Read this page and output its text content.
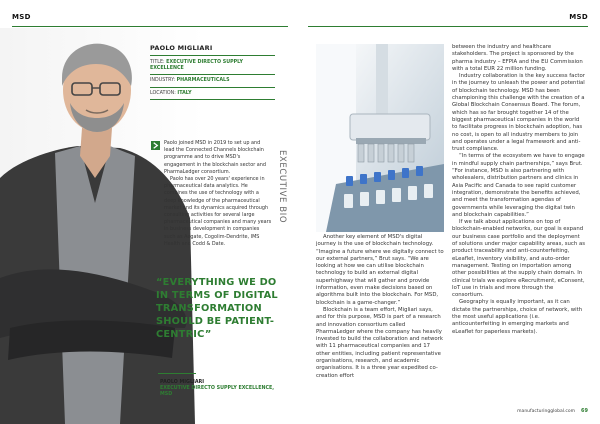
MSD	MSD
PAOLO MIGLIARI
TITLE: EXECUTIVE DIRECTO SUPPLY EXCELLENCE
INDUSTRY: PHARMACEUTICALS
LOCATION: ITALY

Paolo joined MSD in 2019 to set up and lead the Connected Channels blockchain programme and to drive MSD's engagement in the blockchain sector and PharmaLedger consortium.

Paolo has over 20 years' experience in pharmaceutical data analytics. He combines the use of technology with a deep knowledge of the pharmaceutical market and its dynamics acquired through consulting activities for several large pharmaceutical companies and many years in business development in companies such as Aegate, Cogolim-Dendrite, IMS Health and Codd & Date.

EXECUTIVE BIO
“EVERYTHING WE DO IN TERMS OF DIGITAL TRANSFORMATION SHOULD BE PATIENT-CENTRIC”
PAOLO MIGLIARI
EXECUTIVE DIRECTO SUPPLY EXCELLENCE, MSD

Another key element of MSD's digital journey is the use of blockchain technology. “Imagine a future where we digitally connect to our external partners,” Brut says. “We are looking at how we can utilise blockchain technology to build an external digital superhighway that will gather and provide information, even make decisions based on algorithms built into the blockchain. For MSD, blockchain is a game-changer.”

Blockchain is a team effort, Migliari says, and for this purpose, MSD is part of a research and innovation consortium called PharmaLedger where the company has heavily invested to build the collaboration and network with 11 pharmaceutical companies and 17 other entities, including patient representative organisations, research, and academic organisations. It is a three year expedited co-creation effort

between the industry and healthcare stakeholders. The project is sponsored by the pharma industry – EFPIA and the EU Commission with a total EUR 22 million funding.

Industry collaboration is the key success factor in the journey to unleash the power and potential of blockchain technology. MSD has been championing this challenge with the creation of a Global Blockchain Consensus Board. The forum, which has so far brought together 14 of the biggest pharmaceutical companies in the world to facilitate progress in blockchain adoption, has no cost, is open to all industry members to join and operates under a legal framework and anti-trust compliance.

“In terms of the ecosystem we have to engage in mindful supply chain partnerships,” says Brut. “For instance, MSD is also partnering with wholesalers, distribution partners and clinics in Asia Pacific and Canada to see rapid customer integration, demonstrate the benefits achieved, and meet the transformation agendas of governments while leveraging the digital twin and blockchain capabilities.”

If we talk about applications on top of blockchain-enabled networks, our goal is expand our business case portfolio and the deployment of solutions under major capability areas, such as product traceability and anti-counterfeiting, eLeaflet, inventory visibility, and auto-order management. Testing on importation among other possibilities at the supply chain domain. In clinical trials we explore eRecruitment, eConsent, IoT use in trials and more through the consortium.

Geography is equally important, as it can dictate the partnerships, choice of network, with the most useful applications (i.e. anticounterfeiting in emerging markets and eLeaflet for paperless markets).

manufacturingglobal.com 69
